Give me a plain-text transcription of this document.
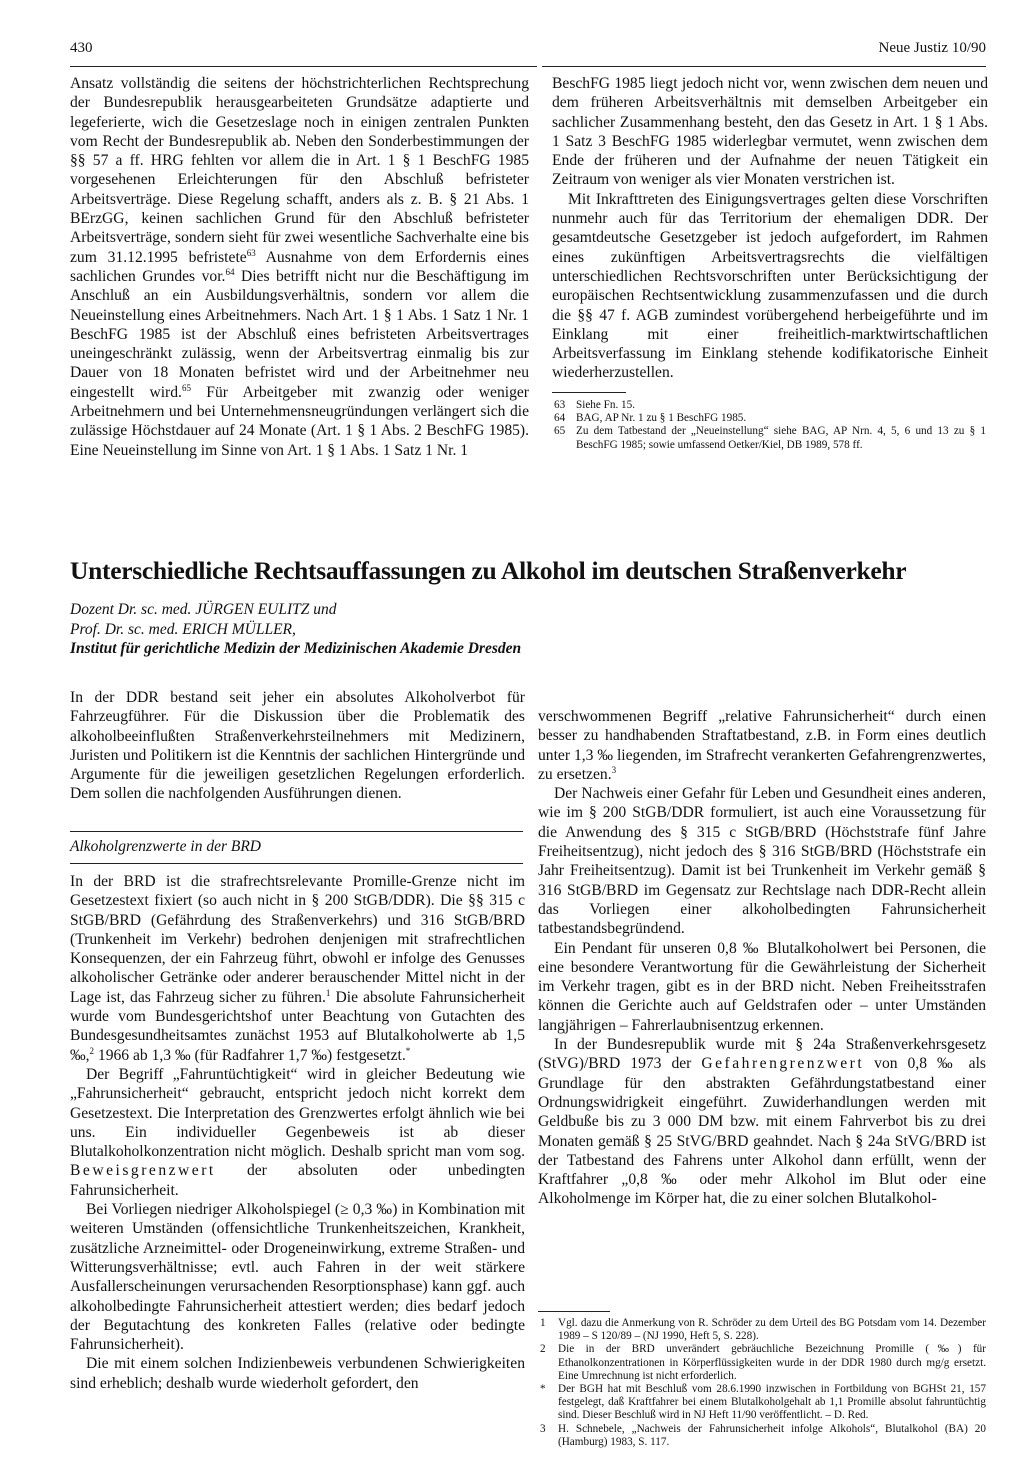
430	Neue Justiz 10/90

Ansatz vollständig die seitens der höchstrichterlichen Rechtsprechung der Bundesrepublik herausgearbeiteten Grundsätze adaptierte und legeferierte, wich die Gesetzeslage noch in einigen zentralen Punkten vom Recht der Bundesrepublik ab. Neben den Sonderbestimmungen der §§ 57 a ff. HRG fehlten vor allem die in Art. 1 § 1 BeschFG 1985 vorgesehenen Erleichterungen für den Abschluß befristeter Arbeitsverträge. Diese Regelung schafft, anders als z. B. § 21 Abs. 1 BErzGG, keinen sachlichen Grund für den Abschluß befristeter Arbeitsverträge, sondern sieht für zwei wesentliche Sachverhalte eine bis zum 31.12.1995 befristete$^{63}$ Ausnahme von dem Erfordernis eines sachlichen Grundes vor.$^{64}$ Dies betrifft nicht nur die Beschäftigung im Anschluß an ein Ausbildungsverhältnis, sondern vor allem die Neueinstellung eines Arbeitnehmers. Nach Art. 1 § 1 Abs. 1 Satz 1 Nr. 1 BeschFG 1985 ist der Abschluß eines befristeten Arbeitsvertrages uneingeschränkt zulässig, wenn der Arbeitsvertrag einmalig bis zur Dauer von 18 Monaten befristet wird und der Arbeitnehmer neu eingestellt wird.$^{65}$ Für Arbeitgeber mit zwanzig oder weniger Arbeitnehmern und bei Unternehmensneugründungen verlängert sich die zulässige Höchstdauer auf 24 Monate (Art. 1 § 1 Abs. 2 BeschFG 1985). Eine Neueinstellung im Sinne von Art. 1 § 1 Abs. 1 Satz 1 Nr. 1

BeschFG 1985 liegt jedoch nicht vor, wenn zwischen dem neuen und dem früheren Arbeitsverhältnis mit demselben Arbeitgeber ein sachlicher Zusammenhang besteht, den das Gesetz in Art. 1 § 1 Abs. 1 Satz 3 BeschFG 1985 widerlegbar vermutet, wenn zwischen dem Ende der früheren und der Aufnahme der neuen Tätigkeit ein Zeitraum von weniger als vier Monaten verstrichen ist.

Mit Inkrafttreten des Einigungsvertrages gelten diese Vorschriften nunmehr auch für das Territorium der ehemaligen DDR. Der gesamtdeutsche Gesetzgeber ist jedoch aufgefordert, im Rahmen eines zukünftigen Arbeitsvertragsrechts die vielfältigen unterschiedlichen Rechtsvorschriften unter Berücksichtigung der europäischen Rechtsentwicklung zusammenzufassen und die durch die §§ 47 f. AGB zumindest vorübergehend herbeigeführte und im Einklang mit einer freiheitlich-marktwirtschaftlichen Arbeitsverfassung im Einklang stehende kodifikatorische Einheit wiederherzustellen.

63 Siehe Fn. 15.
64 BAG, AP Nr. 1 zu § 1 BeschFG 1985.
65 Zu dem Tatbestand der „Neueinstellung“ siehe BAG, AP Nrn. 4, 5, 6 und 13 zu § 1 BeschFG 1985; sowie umfassend Oetker/Kiel, DB 1989, 578 ff.
Unterschiedliche Rechtsauffassungen zu Alkohol im deutschen Straßenverkehr
Dozent Dr. sc. med. JÜRGEN EULITZ und
Prof. Dr. sc. med. ERICH MÜLLER,
Institut für gerichtliche Medizin der Medizinischen Akademie Dresden

In der DDR bestand seit jeher ein absolutes Alkoholverbot für Fahrzeugführer. Für die Diskussion über die Problematik des alkoholbeeinflußten Straßenverkehrsteilnehmers mit Medizinern, Juristen und Politikern ist die Kenntnis der sachlichen Hintergründe und Argumente für die jeweiligen gesetzlichen Regelungen erforderlich. Dem sollen die nachfolgenden Ausführungen dienen.

Alkoholgrenzwerte in der BRD

In der BRD ist die strafrechtsrelevante Promille-Grenze nicht im Gesetzestext fixiert (so auch nicht in § 200 StGB/DDR). Die §§ 315 c StGB/BRD (Gefährdung des Straßenverkehrs) und 316 StGB/BRD (Trunkenheit im Verkehr) bedrohen denjenigen mit strafrechtlichen Konsequenzen, der ein Fahrzeug führt, obwohl er infolge des Genusses alkoholischer Getränke oder anderer berauschender Mittel nicht in der Lage ist, das Fahrzeug sicher zu führen.$^1$ Die absolute Fahrunsicherheit wurde vom Bundesgerichtshof unter Beachtung von Gutachten des Bundesgesundheitsamtes zunächst 1953 auf Blutalkoholwerte ab 1,5 ‰,$^2$ 1966 ab 1,3 ‰ (für Radfahrer 1,7 ‰) festgesetzt.*

Der Begriff „Fahruntüchtigkeit“ wird in gleicher Bedeutung wie „Fahrunsicherheit“ gebraucht, entspricht jedoch nicht korrekt dem Gesetzestext. Die Interpretation des Grenzwertes erfolgt ähnlich wie bei uns. Ein individueller Gegenbeweis ist ab dieser Blutalkoholkonzentration nicht möglich. Deshalb spricht man vom sog. Beweisgrenzwert der absoluten oder unbedingten Fahrunsicherheit.

Bei Vorliegen niedriger Alkoholspiegel (≥ 0,3 ‰) in Kombination mit weiteren Umständen (offensichtliche Trunkenheitszeichen, Krankheit, zusätzliche Arzneimittel- oder Drogeneinwirkung, extreme Straßen- und Witterungsverhältnisse; evtl. auch Fahren in der weit stärkere Ausfallerscheinungen verursachenden Resorptionsphase) kann ggf. auch alkoholbedingte Fahrunsicherheit attestiert werden; dies bedarf jedoch der Begutachtung des konkreten Falles (relative oder bedingte Fahrunsicherheit).

Die mit einem solchen Indizienbeweis verbundenen Schwierigkeiten sind erheblich; deshalb wurde wiederholt gefordert, den

verschwommenen Begriff „relative Fahrunsicherheit“ durch einen besser zu handhabenden Straftatbestand, z.B. in Form eines deutlich unter 1,3 ‰ liegenden, im Strafrecht verankerten Gefahrengrenzwertes, zu ersetzen.$^3$

Der Nachweis einer Gefahr für Leben und Gesundheit eines anderen, wie im § 200 StGB/DDR formuliert, ist auch eine Voraussetzung für die Anwendung des § 315 c StGB/BRD (Höchststrafe fünf Jahre Freiheitsentzug), nicht jedoch des § 316 StGB/BRD (Höchststrafe ein Jahr Freiheitsentzug). Damit ist bei Trunkenheit im Verkehr gemäß § 316 StGB/BRD im Gegensatz zur Rechtslage nach DDR-Recht allein das Vorliegen einer alkoholbedingten Fahrunsicherheit tatbestandsbegründend.

Ein Pendant für unseren 0,8 ‰ Blutalkoholwert bei Personen, die eine besondere Verantwortung für die Gewährleistung der Sicherheit im Verkehr tragen, gibt es in der BRD nicht. Neben Freiheitsstrafen können die Gerichte auch auf Geldstrafen oder – unter Umständen langjährigen – Fahrerlaubnisentzug erkennen.

In der Bundesrepublik wurde mit § 24a Straßenverkehrsgesetz (StVG)/BRD 1973 der Gefahrengrenzwert von 0,8 ‰ als Grundlage für den abstrakten Gefährdungstatbestand einer Ordnungswidrigkeit eingeführt. Zuwiderhandlungen werden mit Geldbuße bis zu 3 000 DM bzw. mit einem Fahrverbot bis zu drei Monaten gemäß § 25 StVG/BRD geahndet. Nach § 24a StVG/BRD ist der Tatbestand des Fahrens unter Alkohol dann erfüllt, wenn der Kraftfahrer „0,8 ‰ oder mehr Alkohol im Blut oder eine Alkoholmenge im Körper hat, die zu einer solchen Blutalkohol-

1	Vgl. dazu die Anmerkung von R. Schröder zu dem Urteil des BG Potsdam vom 14. Dezember 1989 – S 120/89 – (NJ 1990, Heft 5, S. 228).
2	Die in der BRD unverändert gebräuchliche Bezeichnung Promille (‰) für Ethanolkonzentrationen in Körperflüssigkeiten wurde in der DDR 1980 durch mg/g ersetzt. Eine Umrechnung ist nicht erforderlich.
*	Der BGH hat mit Beschluß vom 28.6.1990 inzwischen in Fortbildung von BGHSt 21, 157 festgelegt, daß Kraftfahrer bei einem Blutalkoholgehalt ab 1,1 Promille absolut fahruntüchtig sind. Dieser Beschluß wird in NJ Heft 11/90 veröffentlicht. – D. Red.
3	H. Schnebele, „Nachweis der Fahrunsicherheit infolge Alkohols“, Blutalkohol (BA) 20 (Hamburg) 1983, S. 117.
